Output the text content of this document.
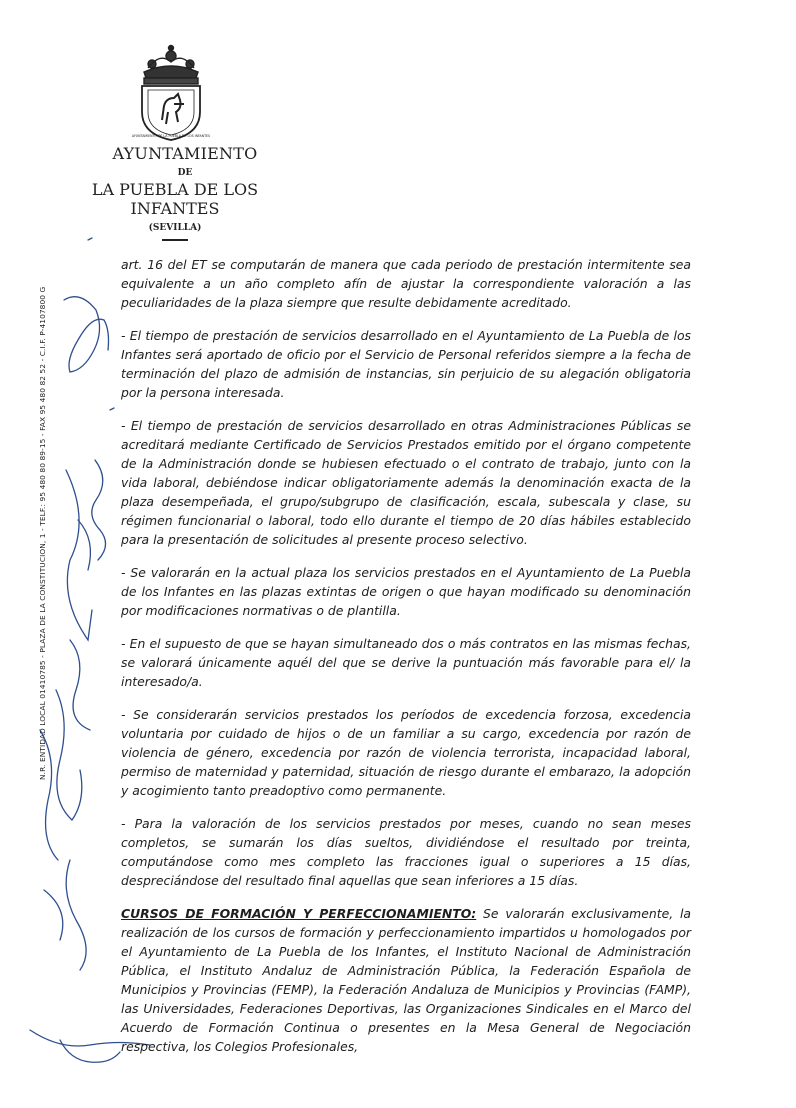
AYUNTAMIENTO DE LA PUEBLA DE LOS INFANTES
AYUNTAMIENTO
DE
LA PUEBLA DE LOS INFANTES
(SEVILLA)
N.R. ENTIDAD LOCAL 01410785 - PLAZA DE LA CONSTITUCION, 1 - TELF.: 95 480 80 89-15 - FAX 95 480 82 52 - C.I.F. P-4107800 G

art. 16 del ET se computarán de manera que cada periodo de prestación intermitente sea equivalente a un año completo afín de ajustar la correspondiente valoración a las peculiaridades de la plaza siempre que resulte debidamente acreditado.

- El tiempo de prestación de servicios desarrollado en el Ayuntamiento de La Puebla de los Infantes será aportado de oficio por el Servicio de Personal referidos siempre a la fecha de terminación del plazo de admisión de instancias, sin perjuicio de su alegación obligatoria por la persona interesada.

- El tiempo de prestación de servicios desarrollado en otras Administraciones Públicas se acreditará mediante Certificado de Servicios Prestados emitido por el órgano competente de la Administración donde se hubiesen efectuado o el contrato de trabajo, junto con la vida laboral, debiéndose indicar obligatoriamente además la denominación exacta de la plaza desempeñada, el grupo/subgrupo de clasificación, escala, subescala y clase, su régimen funcionarial o laboral, todo ello durante el tiempo de 20 días hábiles establecido para la presentación de solicitudes al presente proceso selectivo.

- Se valorarán en la actual plaza los servicios prestados en el Ayuntamiento de La Puebla de los Infantes en las plazas extintas de origen o que hayan modificado su denominación por modificaciones normativas o de plantilla.

- En el supuesto de que se hayan simultaneado dos o más contratos en las mismas fechas, se valorará únicamente aquél del que se derive la puntuación más favorable para el/ la interesado/a.

- Se considerarán servicios prestados los períodos de excedencia forzosa, excedencia voluntaria por cuidado de hijos o de un familiar a su cargo, excedencia por razón de violencia de género, excedencia por razón de violencia terrorista, incapacidad laboral, permiso de maternidad y paternidad, situación de riesgo durante el embarazo, la adopción y acogimiento tanto preadoptivo como permanente.

- Para la valoración de los servicios prestados por meses, cuando no sean meses completos, se sumarán los días sueltos, dividiéndose el resultado por treinta, computándose como mes completo las fracciones igual o superiores a 15 días, despreciándose del resultado final aquellas que sean inferiores a 15 días.

CURSOS DE FORMACIÓN Y PERFECCIONAMIENTO: Se valorarán exclusivamente, la realización de los cursos de formación y perfeccionamiento impartidos u homologados por el Ayuntamiento de La Puebla de los Infantes, el Instituto Nacional de Administración Pública, el Instituto Andaluz de Administración Pública, la Federación Española de Municipios y Provincias (FEMP), la Federación Andaluza de Municipios y Provincias (FAMP), las Universidades, Federaciones Deportivas, las Organizaciones Sindicales en el Marco del Acuerdo de Formación Continua o presentes en la Mesa General de Negociación respectiva, los Colegios Profesionales,
